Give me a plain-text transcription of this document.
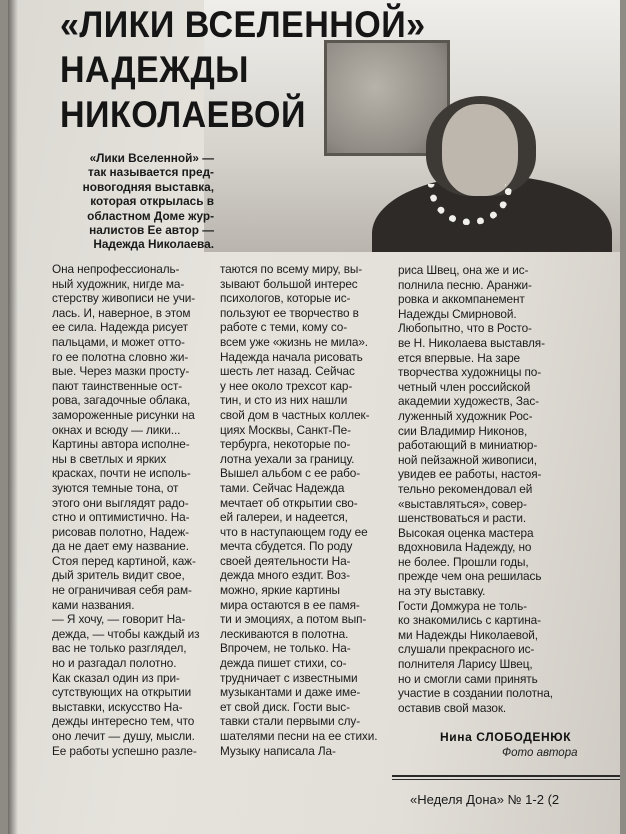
«ЛИКИ ВСЕЛЕННОЙ»
НАДЕЖДЫ
НИКОЛАЕВОЙ
«Лики Вселенной» —
так называется пред-
новогодняя выставка,
которая открылась в
областном Доме жур-
налистов Ее автор —
Надежда Николаева.
Она непрофессиональ-
ный художник, нигде ма-
стерству живописи не учи-
лась. И, наверное, в этом
ее сила. Надежда рисует
пальцами, и может отто-
го ее полотна словно жи-
вые. Через мазки просту-
пают таинственные ост-
рова, загадочные облака,
замороженные рисунки на
окнах и всюду — лики...
Картины автора исполне-
ны в светлых и ярких
красках, почти не исполь-
зуются темные тона, от
этого они выглядят радо-
стно и оптимистично. На-
рисовав полотно, Надеж-
да не дает ему название.
Стоя перед картиной, каж-
дый зритель видит свое,
не ограничивая себя рам-
ками названия.
— Я хочу, — говорит На-
дежда, — чтобы каждый из
вас не только разглядел,
но и разгадал полотно.
Как сказал один из при-
сутствующих на открытии
выставки, искусство На-
дежды интересно тем, что
оно лечит — душу, мысли.
Ее работы успешно разле-
таются по всему миру, вы-
зывают большой интерес
психологов, которые ис-
пользуют ее творчество в
работе с теми, кому со-
всем уже «жизнь не мила».
Надежда начала рисовать
шесть лет назад. Сейчас
у нее около трехсот кар-
тин, и сто из них нашли
свой дом в частных коллек-
циях Москвы, Санкт-Пе-
тербурга, некоторые по-
лотна уехали за границу.
Вышел альбом с ее рабо-
тами. Сейчас Надежда
мечтает об открытии сво-
ей галереи, и надеется,
что в наступающем году ее
мечта сбудется. По роду
своей деятельности На-
дежда много ездит. Воз-
можно, яркие картины
мира остаются в ее памя-
ти и эмоциях, а потом вып-
лескиваются в полотна.
Впрочем, не только. На-
дежда пишет стихи, со-
трудничает с известными
музыкантами и даже име-
ет свой диск. Гости выс-
тавки стали первыми слу-
шателями песни на ее стихи.
Музыку написала Ла-
риса Швец, она же и ис-
полнила песню. Аранжи-
ровка и аккомпанемент
Надежды Смирновой.
Любопытно, что в Росто-
ве Н. Николаева выставля-
ется впервые. На заре
творчества художницы по-
четный член российской
академии художеств, Заc-
луженный художник Рос-
сии Владимир Никонов,
работающий в миниатюр-
ной пейзажной живописи,
увидев ее работы, настоя-
тельно рекомендовал ей
«выставляться», совер-
шенствоваться и расти.
Высокая оценка мастера
вдохновила Надежду, но
не более. Прошли годы,
прежде чем она решилась
на эту выставку.
Гости Домжура не толь-
ко знакомились с картина-
ми Надежды Николаевой,
слушали прекрасного ис-
полнителя Ларису Швец,
но и смогли сами принять
участие в создании полотна,
оставив свой мазок.
Нина СЛОБОДЕНЮК
Фото автора
«Неделя Дона» № 1-2 (2
